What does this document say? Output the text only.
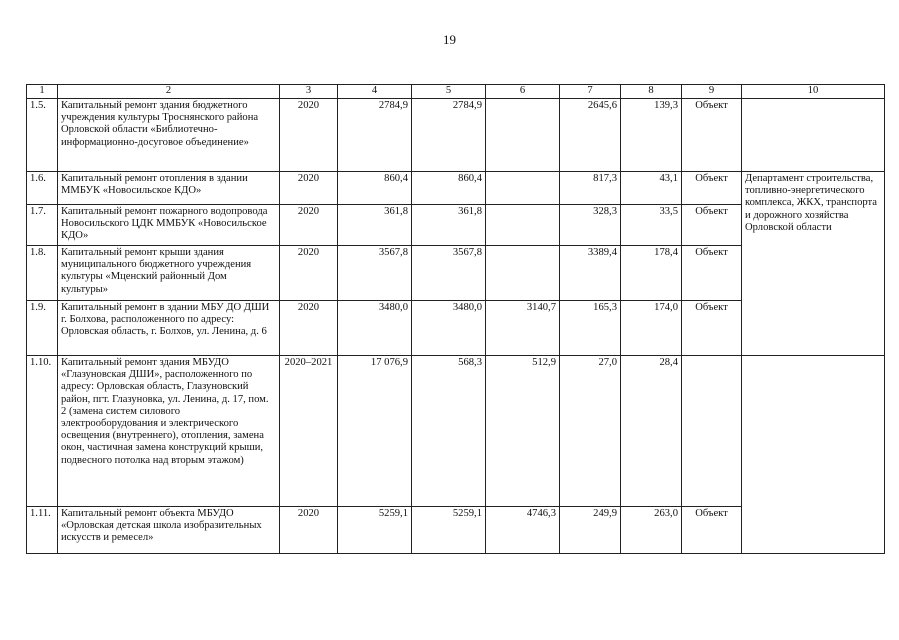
19
1	2	3	4	5	6	7	8	9	10
1.5.	Капитальный ремонт здания бюджетного учреждения культуры Троснянского района Орловской области «Библиотечно-информационно-досуговое объединение»	2020	2784,9	2784,9		2645,6	139,3	Объект	
1.6.	Капитальный ремонт отопления в здании ММБУК «Новосильское КДО»	2020	860,4	860,4		817,3	43,1	Объект	Департамент строительства, топливно-энергетического комплекса, ЖКХ, транспорта и дорожного хозяйства Орловской области
1.7.	Капитальный ремонт пожарного водопровода Новосильского ЦДК ММБУК «Новосильское КДО»	2020	361,8	361,8		328,3	33,5	Объект	
1.8.	Капитальный ремонт крыши здания муниципального бюджетного учреждения культуры «Мценский районный Дом культуры»	2020	3567,8	3567,8		3389,4	178,4	Объект	
1.9.	Капитальный ремонт в здании МБУ ДО ДШИ г. Болхова, расположенного по адресу: Орловская область, г. Болхов, ул. Ленина, д. 6	2020	3480,0	3480,0	3140,7	165,3	174,0	Объект	
1.10.	Капитальный ремонт здания МБУДО «Глазуновская ДШИ», расположенного по адресу: Орловская область, Глазуновский район, пгт. Глазуновка, ул. Ленина, д. 17, пом. 2 (замена систем силового электрооборудования и электрического освещения (внутреннего), отопления, замена окон, частичная замена конструкций крыши, подвесного потолка над вторым этажом)	2020–2021	17 076,9	568,3	512,9	27,0	28,4		
1.11.	Капитальный ремонт объекта МБУДО «Орловская детская школа изобразительных искусств и ремесел»	2020	5259,1	5259,1	4746,3	249,9	263,0	Объект	
